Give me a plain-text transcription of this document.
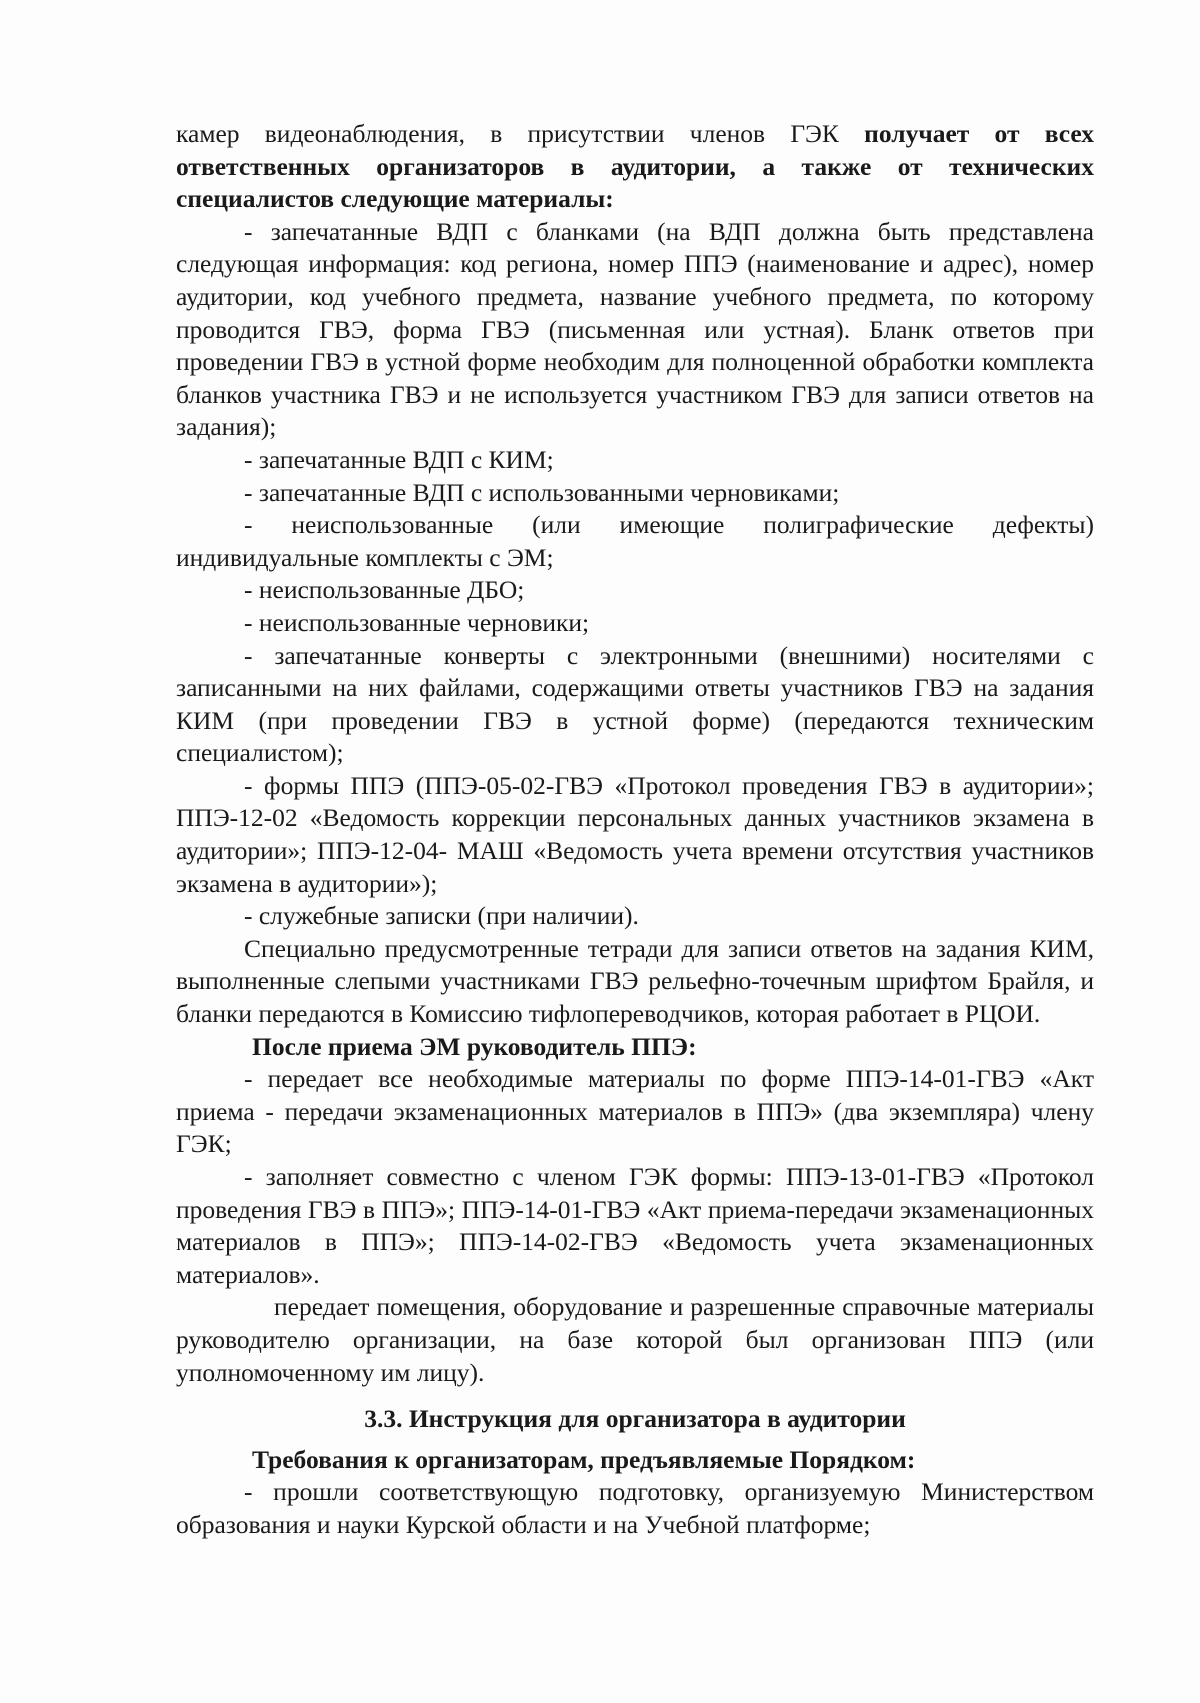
камер видеонаблюдения, в присутствии членов ГЭК получает от всех ответственных организаторов в аудитории, а также от технических специалистов следующие материалы:

- запечатанные ВДП с бланками (на ВДП должна быть представлена следующая информация: код региона, номер ППЭ (наименование и адрес), номер аудитории, код учебного предмета, название учебного предмета, по которому проводится ГВЭ, форма ГВЭ (письменная или устная). Бланк ответов при проведении ГВЭ в устной форме необходим для полноценной обработки комплекта бланков участника ГВЭ и не используется участником ГВЭ для записи ответов на задания);

- запечатанные ВДП с КИМ;

- запечатанные ВДП с использованными черновиками;

- неиспользованные (или имеющие полиграфические дефекты) индивидуальные комплекты с ЭМ;

- неиспользованные ДБО;

- неиспользованные черновики;

- запечатанные конверты с электронными (внешними) носителями с записанными на них файлами, содержащими ответы участников ГВЭ на задания КИМ (при проведении ГВЭ в устной форме) (передаются техническим специалистом);

- формы ППЭ (ППЭ-05-02-ГВЭ «Протокол проведения ГВЭ в аудитории»; ППЭ-12-02 «Ведомость коррекции персональных данных участников экзамена в аудитории»; ППЭ-12-04- МАШ «Ведомость учета времени отсутствия участников экзамена в аудитории»);

- служебные записки (при наличии).

Специально предусмотренные тетради для записи ответов на задания КИМ, выполненные слепыми участниками ГВЭ рельефно-точечным шрифтом Брайля, и бланки передаются в Комиссию тифлопереводчиков, которая работает в РЦОИ.

После приема ЭМ руководитель ППЭ:

- передает все необходимые материалы по форме ППЭ-14-01-ГВЭ «Акт приема - передачи экзаменационных материалов в ППЭ» (два экземпляра) члену ГЭК;

- заполняет совместно с членом ГЭК формы: ППЭ-13-01-ГВЭ «Протокол проведения ГВЭ в ППЭ»; ППЭ-14-01-ГВЭ «Акт приема-передачи экзаменационных материалов в ППЭ»; ППЭ-14-02-ГВЭ «Ведомость учета экзаменационных материалов».

передает помещения, оборудование и разрешенные справочные материалы руководителю организации, на базе которой был организован ППЭ (или уполномоченному им лицу).

3.3. Инструкция для организатора в аудитории

Требования к организаторам, предъявляемые Порядком:

- прошли соответствующую подготовку, организуемую Министерством образования и науки Курской области и на Учебной платформе;
